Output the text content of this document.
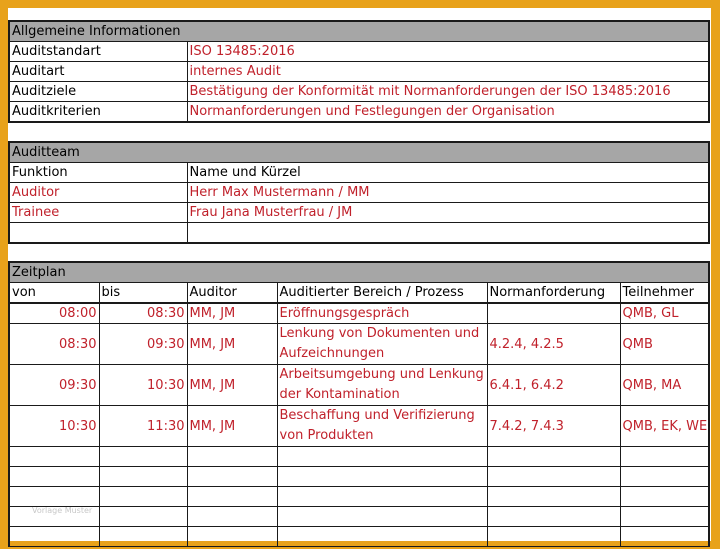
Allgemeine Informationen	
Auditstandart	ISO 13485:2016
Auditart	internes Audit
Auditziele	Bestätigung der Konformität mit Normanforderungen der ISO 13485:2016
Auditkriterien	Normanforderungen und Festlegungen der Organisation
Auditteam	
Funktion	Name und Kürzel
Auditor	Herr Max Mustermann / MM
Trainee	Frau Jana Musterfrau / JM

Zeitplan					
von	bis	Auditor	Auditierter Bereich / Prozess	Normanforderung	Teilnehmer
08:00	08:30	MM, JM	Eröffnungsgespräch		QMB, GL
08:30	09:30	MM, JM	Lenkung von Dokumenten und Aufzeichnungen	4.2.4, 4.2.5	QMB
09:30	10:30	MM, JM	Arbeitsumgebung und Lenkung der Kontamination	6.4.1, 6.4.2	QMB, MA
10:30	11:30	MM, JM	Beschaffung und Verifizierung von Produkten	7.4.2, 7.4.3	QMB, EK, WE

Vorlage Muster
